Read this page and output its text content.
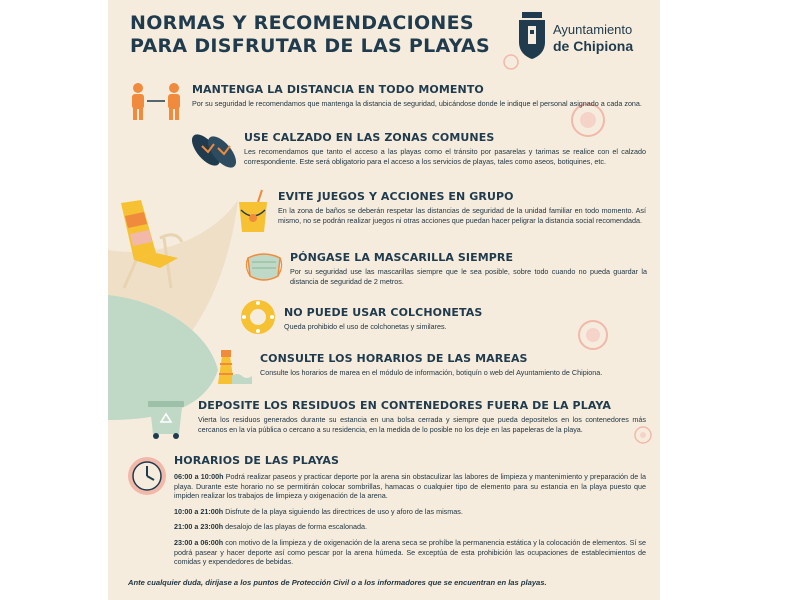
NORMAS Y RECOMENDACIONES
PARA DISFRUTAR DE LAS PLAYAS
Ayuntamiento
de Chipiona
MANTENGA LA DISTANCIA EN TODO MOMENTO

Por su seguridad le recomendamos que mantenga la distancia de seguridad, ubicándose donde le indique el personal asignado a cada zona.

USE CALZADO EN LAS ZONAS COMUNES

Les recomendamos que tanto el acceso a las playas como el tránsito por pasarelas y tarimas se realice con el calzado correspondiente. Este será obligatorio para el acceso a los servicios de playas, tales como aseos, botiquines, etc.

EVITE JUEGOS Y ACCIONES EN GRUPO

En la zona de baños se deberán respetar las distancias de seguridad de la unidad familiar en todo momento. Así mismo, no se podrán realizar juegos ni otras acciones que puedan hacer peligrar la distancia social recomendada.

PÓNGASE LA MASCARILLA SIEMPRE

Por su seguridad use las mascarillas siempre que le sea posible, sobre todo cuando no pueda guardar la distancia de seguridad de 2 metros.

NO PUEDE USAR COLCHONETAS

Queda prohibido el uso de colchonetas y similares.

CONSULTE LOS HORARIOS DE LAS MAREAS

Consulte los horarios de marea en el módulo de información, botiquín o web del Ayuntamiento de Chipiona.

DEPOSITE LOS RESIDUOS EN CONTENEDORES FUERA DE LA PLAYA

Vierta los residuos generados durante su estancia en una bolsa cerrada y siempre que pueda depositelos en los contenedores más cercanos en la vía pública o cercano a su residencia, en la medida de lo posible no los deje en las papeleras de la playa.

HORARIOS DE LAS PLAYAS

06:00 a 10:00h Podrá realizar paseos y practicar deporte por la arena sin obstaculizar las labores de limpieza y mantenimiento y preparación de la playa. Durante este horario no se permitirán colocar sombrillas, hamacas o cualquier tipo de elemento para su estancia en la playa puesto que impiden realizar los trabajos de limpieza y oxigenación de la arena.

10:00 a 21:00h Disfrute de la playa siguiendo las directrices de uso y aforo de las mismas.

21:00 a 23:00h desalojo de las playas de forma escalonada.

23:00 a 06:00h con motivo de la limpieza y de oxigenación de la arena seca se prohíbe la permanencia estática y la colocación de elementos. Sí se podrá pasear y hacer deporte así como pescar por la arena húmeda. Se exceptúa de esta prohibición las ocupaciones de establecimientos de comidas y expendedores de bebidas.

Ante cualquier duda, diríjase a los puntos de Protección Civil o a los informadores que se encuentran en las playas.
